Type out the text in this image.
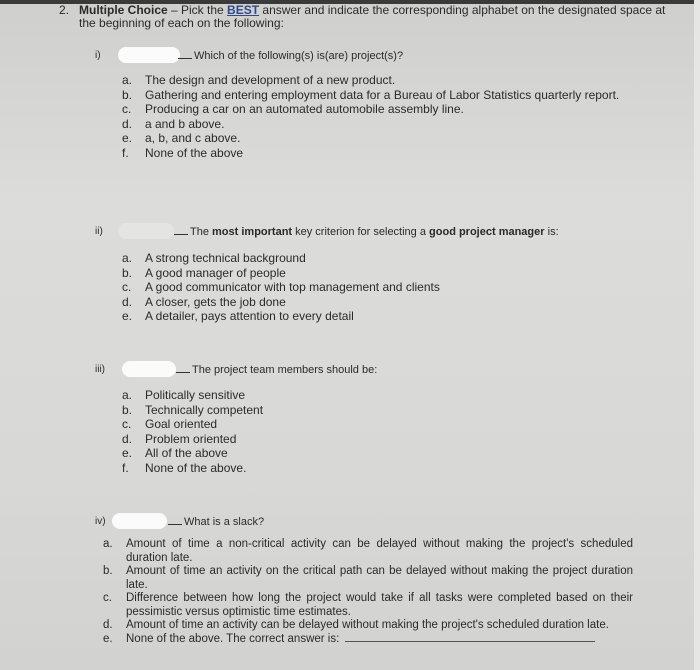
2. Multiple Choice – Pick the BEST answer and indicate the corresponding alphabet on the designated space at the beginning of each on the following:
i)	Which of the following(s) is(are) project(s)?
a. The design and development of a new product.
b. Gathering and entering employment data for a Bureau of Labor Statistics quarterly report.
c. Producing a car on an automated automobile assembly line.
d. a and b above.
e. a, b, and c above.
f. None of the above
ii)	The most important key criterion for selecting a good project manager is:
a. A strong technical background
b. A good manager of people
c. A good communicator with top management and clients
d. A closer, gets the job done
e. A detailer, pays attention to every detail
iii)	The project team members should be:
a. Politically sensitive
b. Technically competent
c. Goal oriented
d. Problem oriented
e. All of the above
f. None of the above.
iv)	What is a slack?
a. Amount of time a non-critical activity can be delayed without making the project's scheduled duration late.
b. Amount of time an activity on the critical path can be delayed without making the project duration late.
c. Difference between how long the project would take if all tasks were completed based on their pessimistic versus optimistic time estimates.
d. Amount of time an activity can be delayed without making the project's scheduled duration late.
e. None of the above. The correct answer is:
